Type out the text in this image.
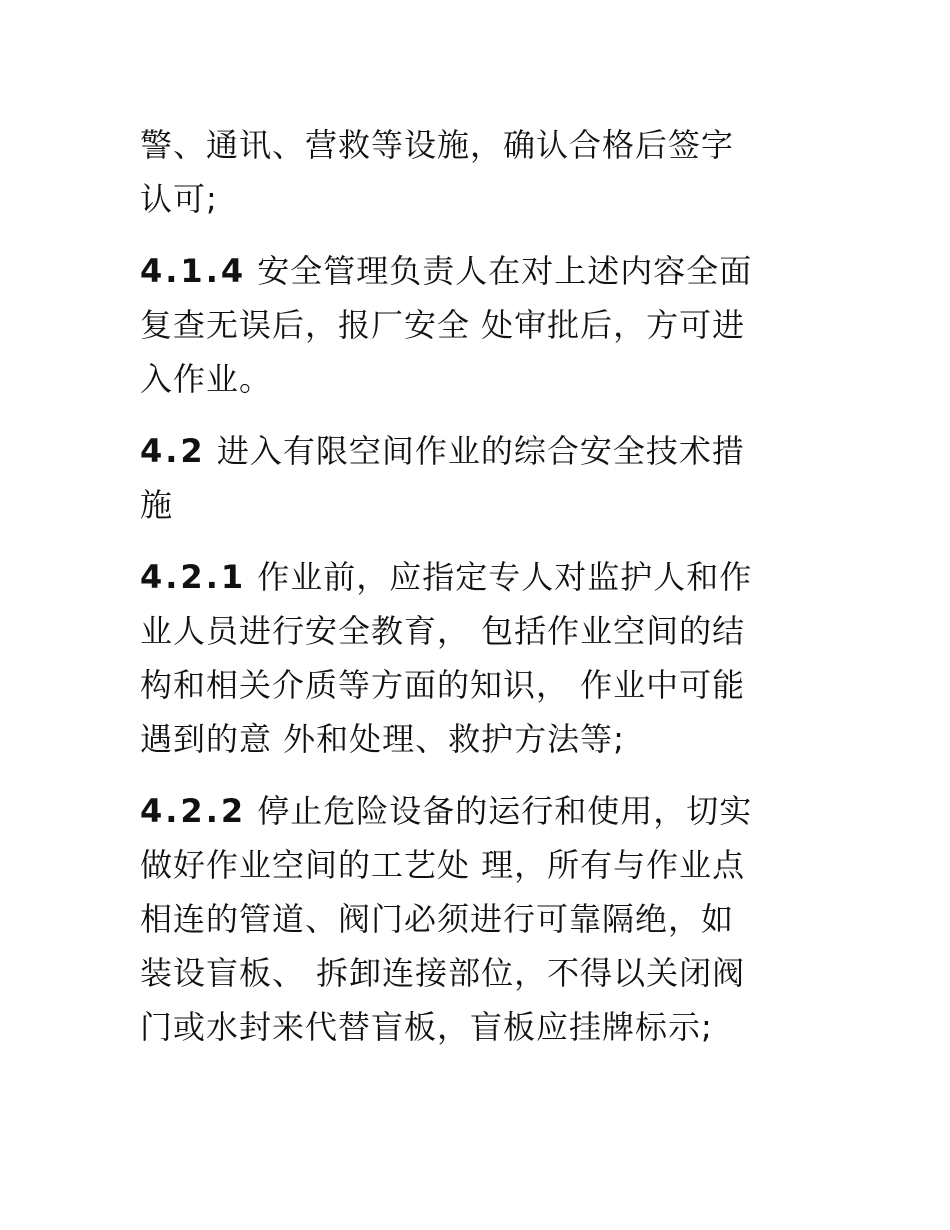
警、通讯、营救等设施，确认合格后签字
认可;
4.1.4 安全管理负责人在对上述内容全面
复查无误后，报厂安全 处审批后，方可进
入作业。
4.2 进入有限空间作业的综合安全技术措
施
4.2.1 作业前，应指定专人对监护人和作
业人员进行安全教育， 包括作业空间的结
构和相关介质等方面的知识， 作业中可能
遇到的意 外和处理、救护方法等;
4.2.2 停止危险设备的运行和使用，切实
做好作业空间的工艺处 理，所有与作业点
相连的管道、阀门必须进行可靠隔绝，如
装设盲板、 拆卸连接部位，不得以关闭阀
门或水封来代替盲板，盲板应挂牌标示;
